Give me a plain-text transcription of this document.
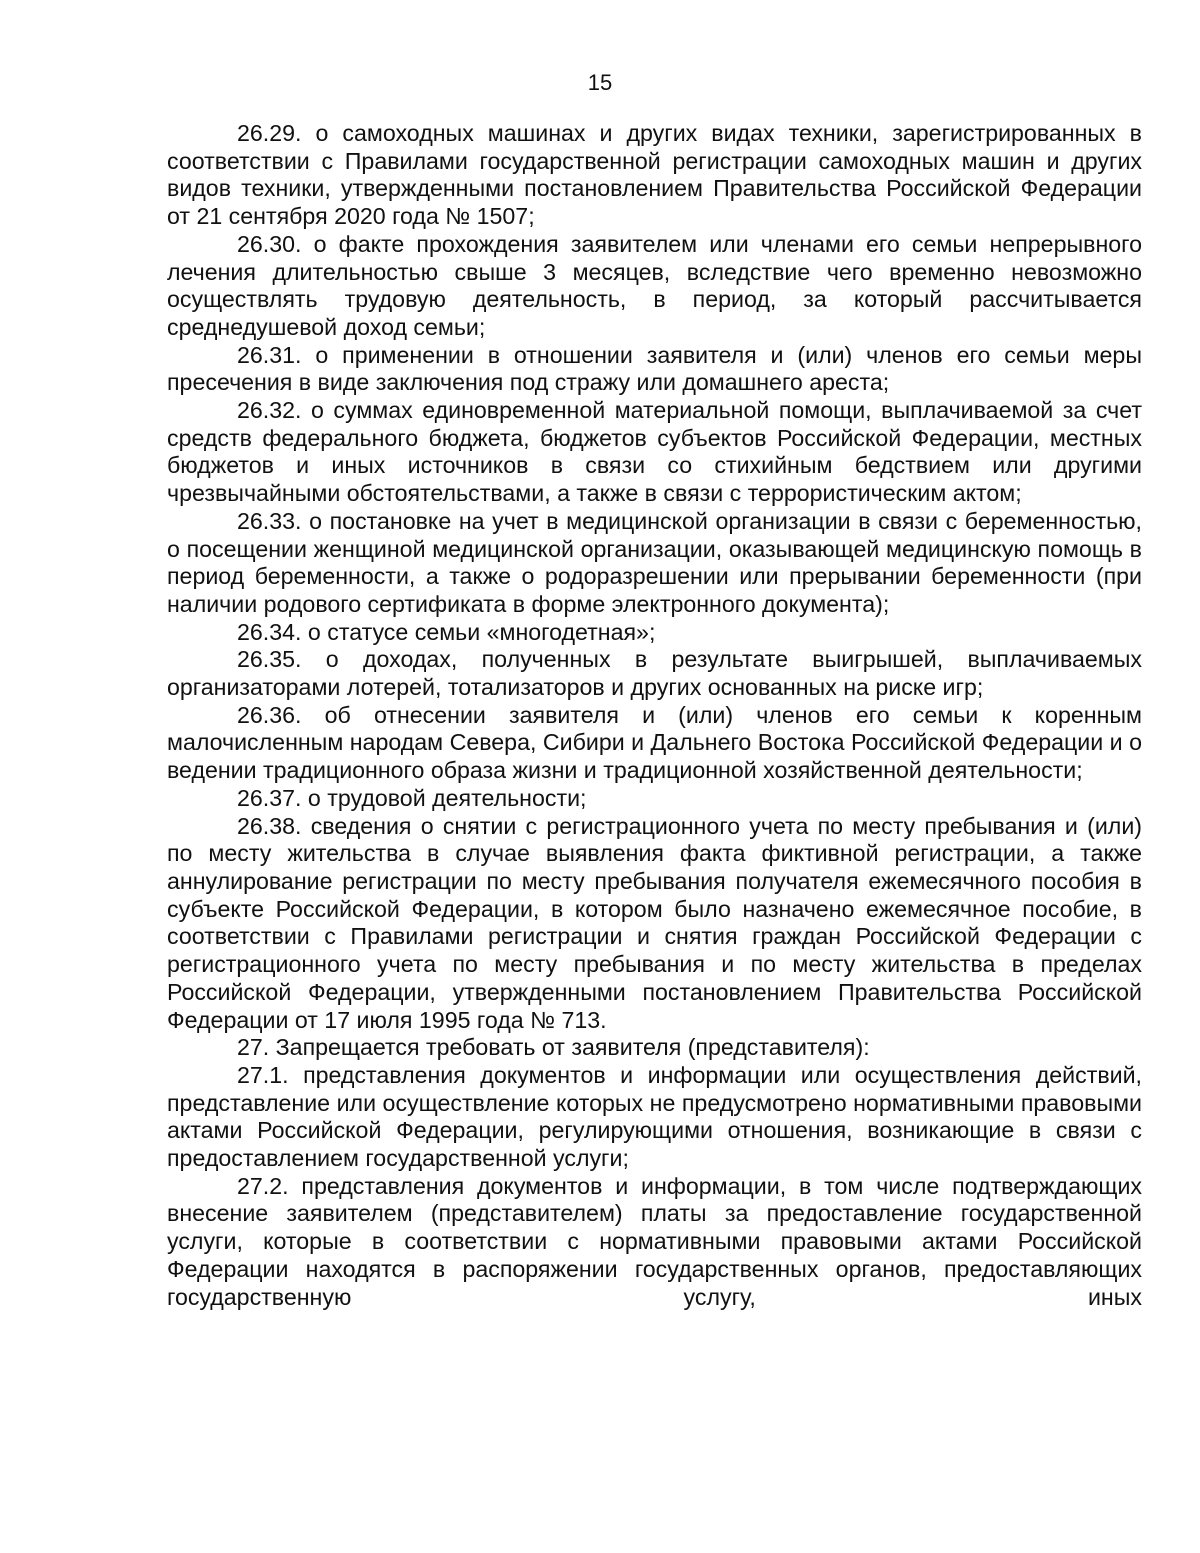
15

26.29. о самоходных машинах и других видах техники, зарегистрированных в соответствии с Правилами государственной регистрации самоходных машин и других видов техники, утвержденными постановлением Правительства Российской Федерации от 21 сентября 2020 года № 1507;

26.30. о факте прохождения заявителем или членами его семьи непрерывного лечения длительностью свыше 3 месяцев, вследствие чего временно невозможно осуществлять трудовую деятельность, в период, за который рассчитывается среднедушевой доход семьи;

26.31. о применении в отношении заявителя и (или) членов его семьи меры пресечения в виде заключения под стражу или домашнего ареста;

26.32. о суммах единовременной материальной помощи, выплачиваемой за счет средств федерального бюджета, бюджетов субъектов Российской Федерации, местных бюджетов и иных источников в связи со стихийным бедствием или другими чрезвычайными обстоятельствами, а также в связи с террористическим актом;

26.33. о постановке на учет в медицинской организации в связи с беременностью, о посещении женщиной медицинской организации, оказывающей медицинскую помощь в период беременности, а также о родоразрешении или прерывании беременности (при наличии родового сертификата в форме электронного документа);

26.34. о статусе семьи «многодетная»;

26.35. о доходах, полученных в результате выигрышей, выплачиваемых организаторами лотерей, тотализаторов и других основанных на риске игр;

26.36. об отнесении заявителя и (или) членов его семьи к коренным малочисленным народам Севера, Сибири и Дальнего Востока Российской Федерации и о ведении традиционного образа жизни и традиционной хозяйственной деятельности;

26.37. о трудовой деятельности;

26.38. сведения о снятии с регистрационного учета по месту пребывания и (или) по месту жительства в случае выявления факта фиктивной регистрации, а также аннулирование регистрации по месту пребывания получателя ежемесячного пособия в субъекте Российской Федерации, в котором было назначено ежемесячное пособие, в соответствии с Правилами регистрации и снятия граждан Российской Федерации с регистрационного учета по месту пребывания и по месту жительства в пределах Российской Федерации, утвержденными постановлением Правительства Российской Федерации от 17 июля 1995 года № 713.

27. Запрещается требовать от заявителя (представителя):

27.1. представления документов и информации или осуществления действий, представление или осуществление которых не предусмотрено нормативными правовыми актами Российской Федерации, регулирующими отношения, возникающие в связи с предоставлением государственной услуги;

27.2. представления документов и информации, в том числе подтверждающих внесение заявителем (представителем) платы за предоставление государственной услуги, которые в соответствии с нормативными правовыми актами Российской Федерации находятся в распоряжении государственных органов, предоставляющих государственную услугу, иных
